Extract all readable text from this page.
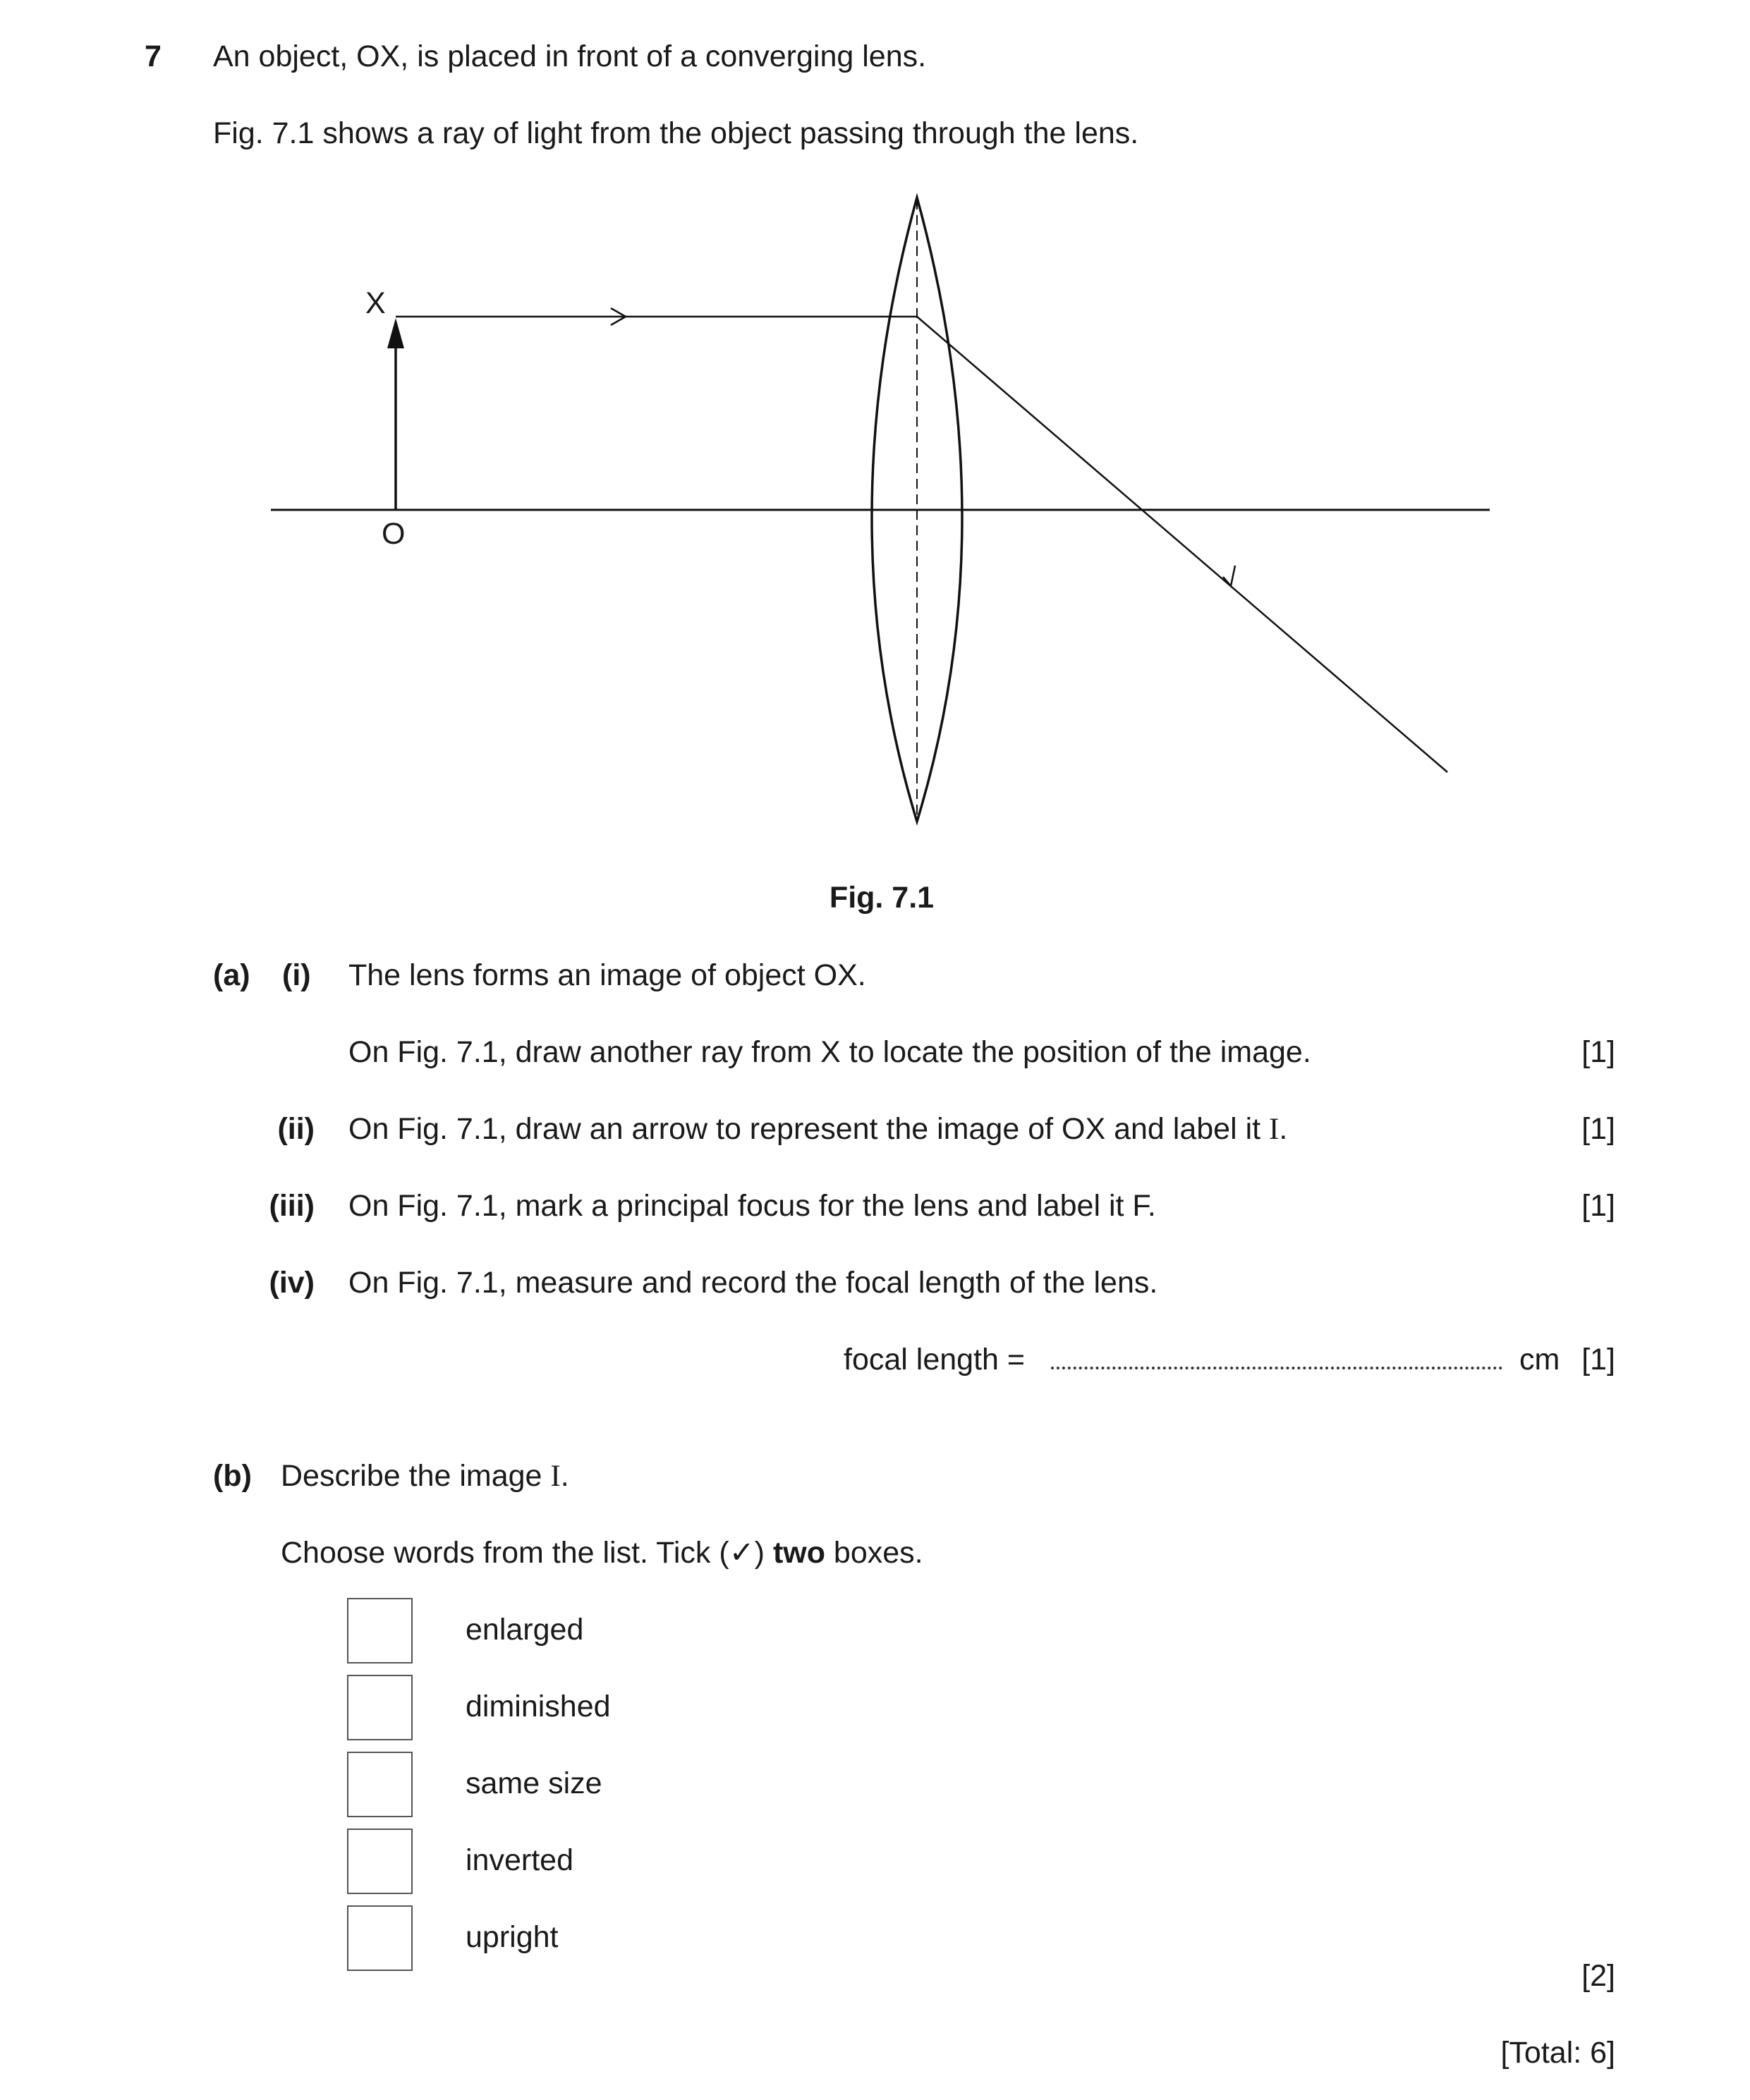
7 An object, OX, is placed in front of a converging lens.
Fig. 7.1 shows a ray of light from the object passing through the lens.
X
O
Fig. 7.1
(a) (i) The lens forms an image of object OX.
On Fig. 7.1, draw another ray from X to locate the position of the image.	[1]
(ii) On Fig. 7.1, draw an arrow to represent the image of OX and label it I.	[1]
(iii) On Fig. 7.1, mark a principal focus for the lens and label it F.	[1]
(iv) On Fig. 7.1, measure and record the focal length of the lens.
focal length =	cm [1]
(b) Describe the image I.
Choose words from the list. Tick (✓) two boxes.
enlarged
diminished
same size
inverted
upright
[2]
[Total: 6]
